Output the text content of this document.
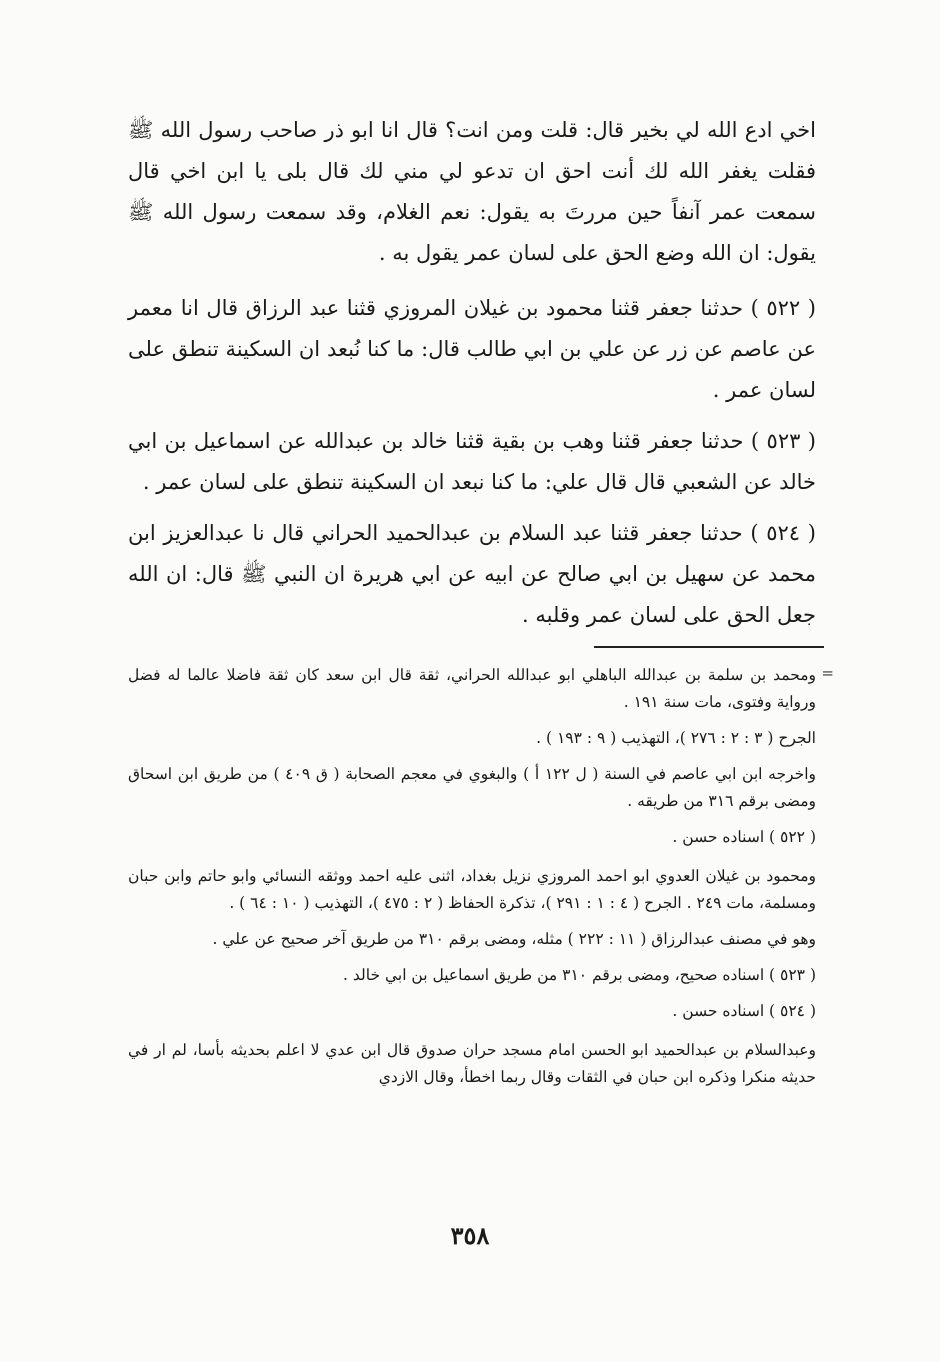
اخي ادع الله لي بخير قال: قلت ومن انت؟ قال انا ابو ذر صاحب رسول الله ﷺ فقلت يغفر الله لك أنت احق ان تدعو لي مني لك قال بلى يا ابن اخي قال سمعت عمر آنفاً حين مررتَ به يقول: نعم الغلام، وقد سمعت رسول الله ﷺ يقول: ان الله وضع الحق على لسان عمر يقول به .

( ٥٢٢ ) حدثنا جعفر قثنا محمود بن غيلان المروزي قثنا عبد الرزاق قال انا معمر عن عاصم عن زر عن علي بن ابي طالب قال: ما كنا نُبعد ان السكينة تنطق على لسان عمر .

( ٥٢٣ ) حدثنا جعفر قثنا وهب بن بقية قثنا خالد بن عبدالله عن اسماعيل بن ابي خالد عن الشعبي قال قال علي: ما كنا نبعد ان السكينة تنطق على لسان عمر .

( ٥٢٤ ) حدثنا جعفر قثنا عبد السلام بن عبدالحميد الحراني قال نا عبدالعزيز ابن محمد عن سهيل بن ابي صالح عن ابيه عن ابي هريرة ان النبي ﷺ قال: ان الله جعل الحق على لسان عمر وقلبه .

=

ومحمد بن سلمة بن عبدالله الباهلي ابو عبدالله الحراني، ثقة قال ابن سعد كان ثقة فاضلا عالما له فضل ورواية وفتوى، مات سنة ١٩١ .

الجرح ( ٣ : ٢ : ٢٧٦ )، التهذيب ( ٩ : ١٩٣ ) .

واخرجه ابن ابي عاصم في السنة ( ل ١٢٢ أ ) والبغوي في معجم الصحابة ( ق ٤٠٩ ) من طريق ابن اسحاق ومضى برقم ٣١٦ من طريقه .

( ٥٢٢ ) اسناده حسن .

ومحمود بن غيلان العدوي ابو احمد المروزي نزيل بغداد، اثنى عليه احمد ووثقه النسائي وابو حاتم وابن حبان ومسلمة، مات ٢٤٩ . الجرح ( ٤ : ١ : ٢٩١ )، تذكرة الحفاظ ( ٢ : ٤٧٥ )، التهذيب ( ١٠ : ٦٤ ) .

وهو في مصنف عبدالرزاق ( ١١ : ٢٢٢ ) مثله، ومضى برقم ٣١٠ من طريق آخر صحيح عن علي .

( ٥٢٣ ) اسناده صحيح، ومضى برقم ٣١٠ من طريق اسماعيل بن ابي خالد .

( ٥٢٤ ) اسناده حسن .

وعبدالسلام بن عبدالحميد ابو الحسن امام مسجد حران صدوق قال ابن عدي لا اعلم بحديثه بأسا، لم ار في حديثه منكرا وذكره ابن حبان في الثقات وقال ربما اخطأ، وقال الازدي

٣٥٨
